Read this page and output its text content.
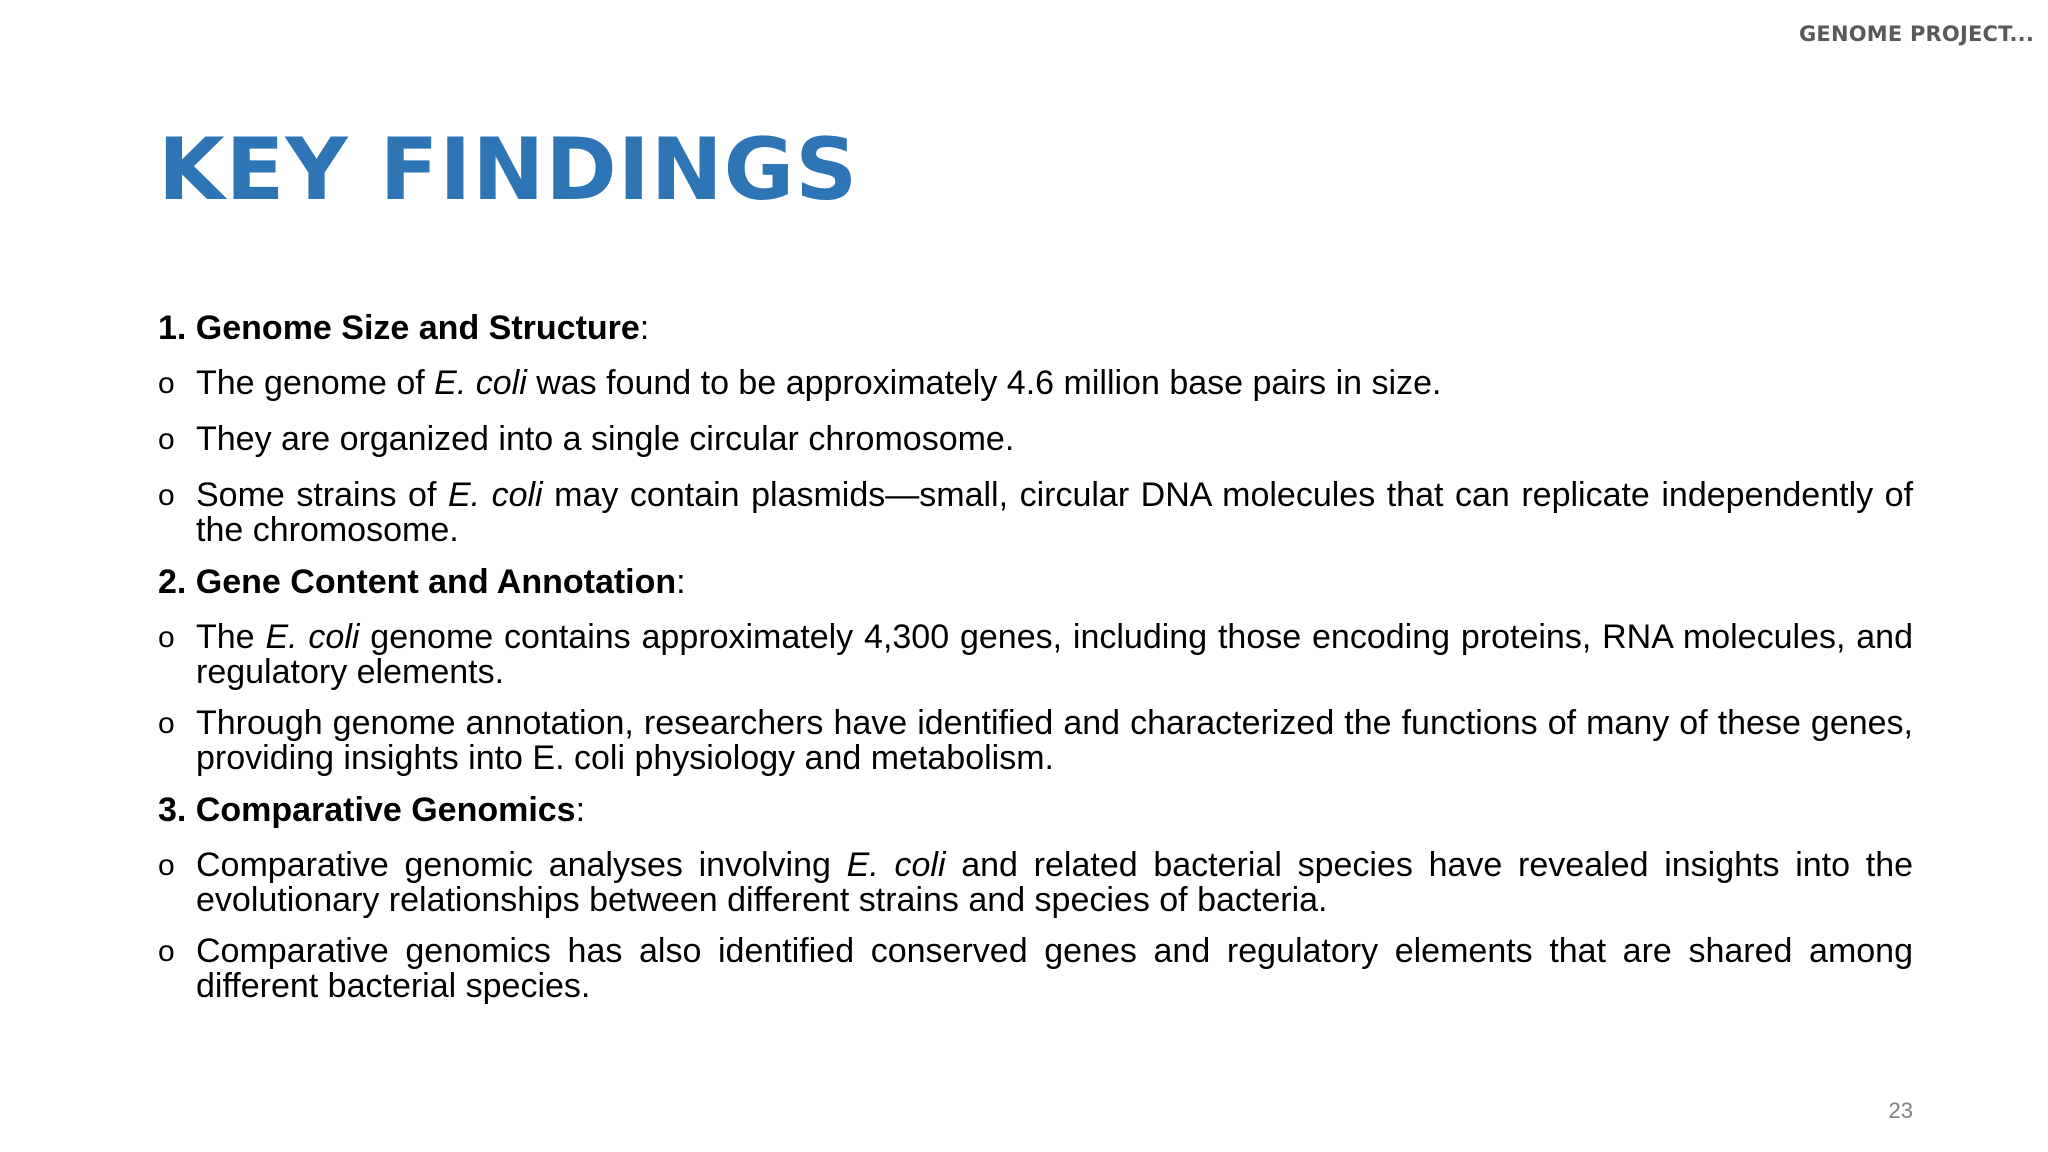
GENOME PROJECT...
KEY FINDINGS
1. Genome Size and Structure:
o The genome of E. coli was found to be approximately 4.6 million base pairs in size.
o They are organized into a single circular chromosome.
o Some strains of E. coli may contain plasmids—small, circular DNA molecules that can replicate independently of the chromosome.
2. Gene Content and Annotation:
o The E. coli genome contains approximately 4,300 genes, including those encoding proteins, RNA molecules, and regulatory elements.
o Through genome annotation, researchers have identified and characterized the functions of many of these genes, providing insights into E. coli physiology and metabolism.
3. Comparative Genomics:
o Comparative genomic analyses involving E. coli and related bacterial species have revealed insights into the evolutionary relationships between different strains and species of bacteria.
o Comparative genomics has also identified conserved genes and regulatory elements that are shared among different bacterial species.
23
